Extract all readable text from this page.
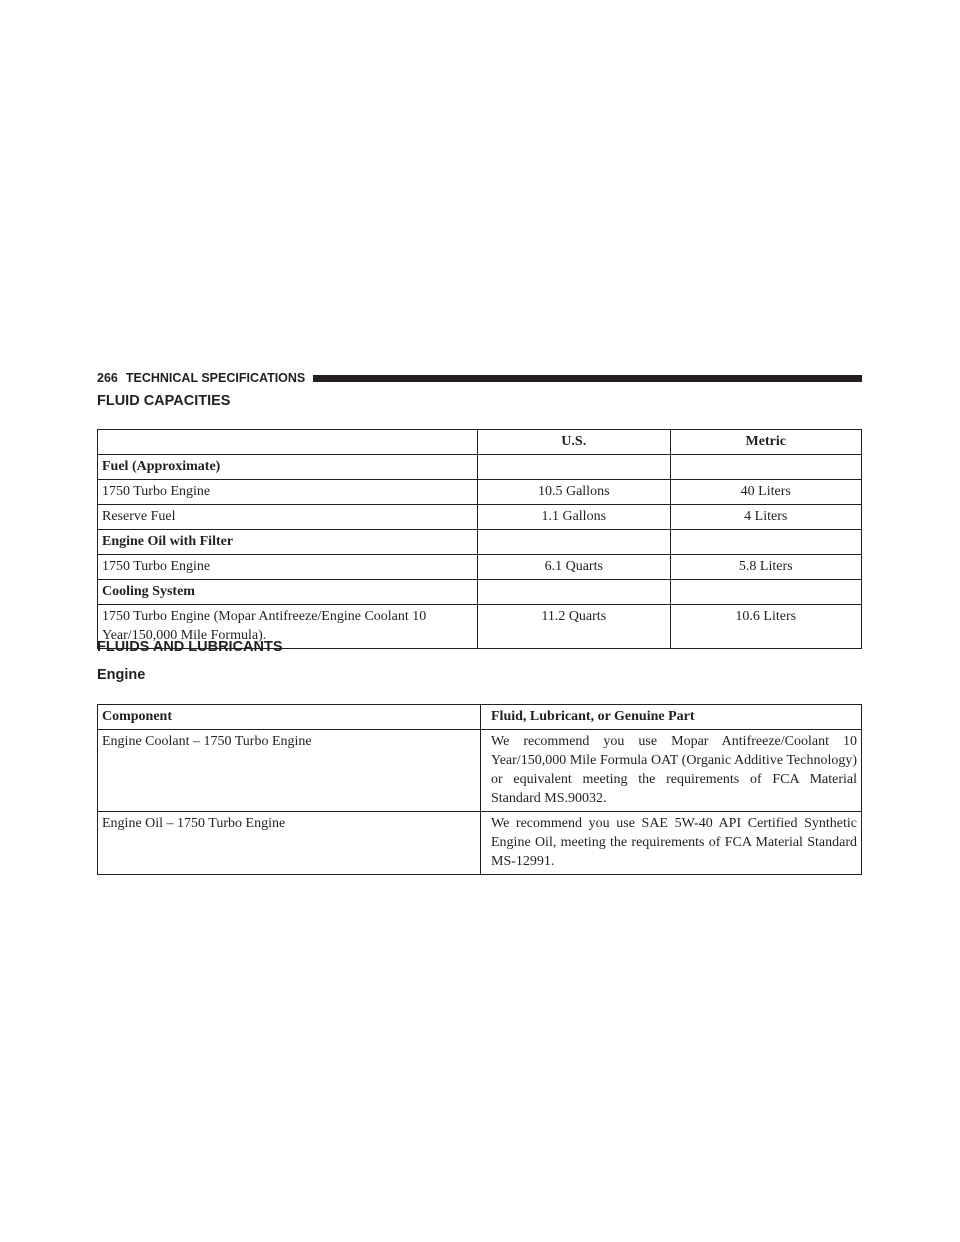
266 TECHNICAL SPECIFICATIONS
FLUID CAPACITIES
	U.S.	Metric
Fuel (Approximate)		
1750 Turbo Engine	10.5 Gallons	40 Liters
Reserve Fuel	1.1 Gallons	4 Liters
Engine Oil with Filter		
1750 Turbo Engine	6.1 Quarts	5.8 Liters
Cooling System		
1750 Turbo Engine (Mopar Antifreeze/Engine Coolant 10 Year/150,000 Mile Formula).	11.2 Quarts	10.6 Liters
FLUIDS AND LUBRICANTS
Engine
Component	Fluid, Lubricant, or Genuine Part
Engine Coolant – 1750 Turbo Engine	We recommend you use Mopar Antifreeze/Coolant 10 Year/150,000 Mile Formula OAT (Organic Additive Technology) or equivalent meeting the requirements of FCA Material Standard MS.90032.
Engine Oil – 1750 Turbo Engine	We recommend you use SAE 5W-40 API Certified Synthetic Engine Oil, meeting the requirements of FCA Material Standard MS-12991.
